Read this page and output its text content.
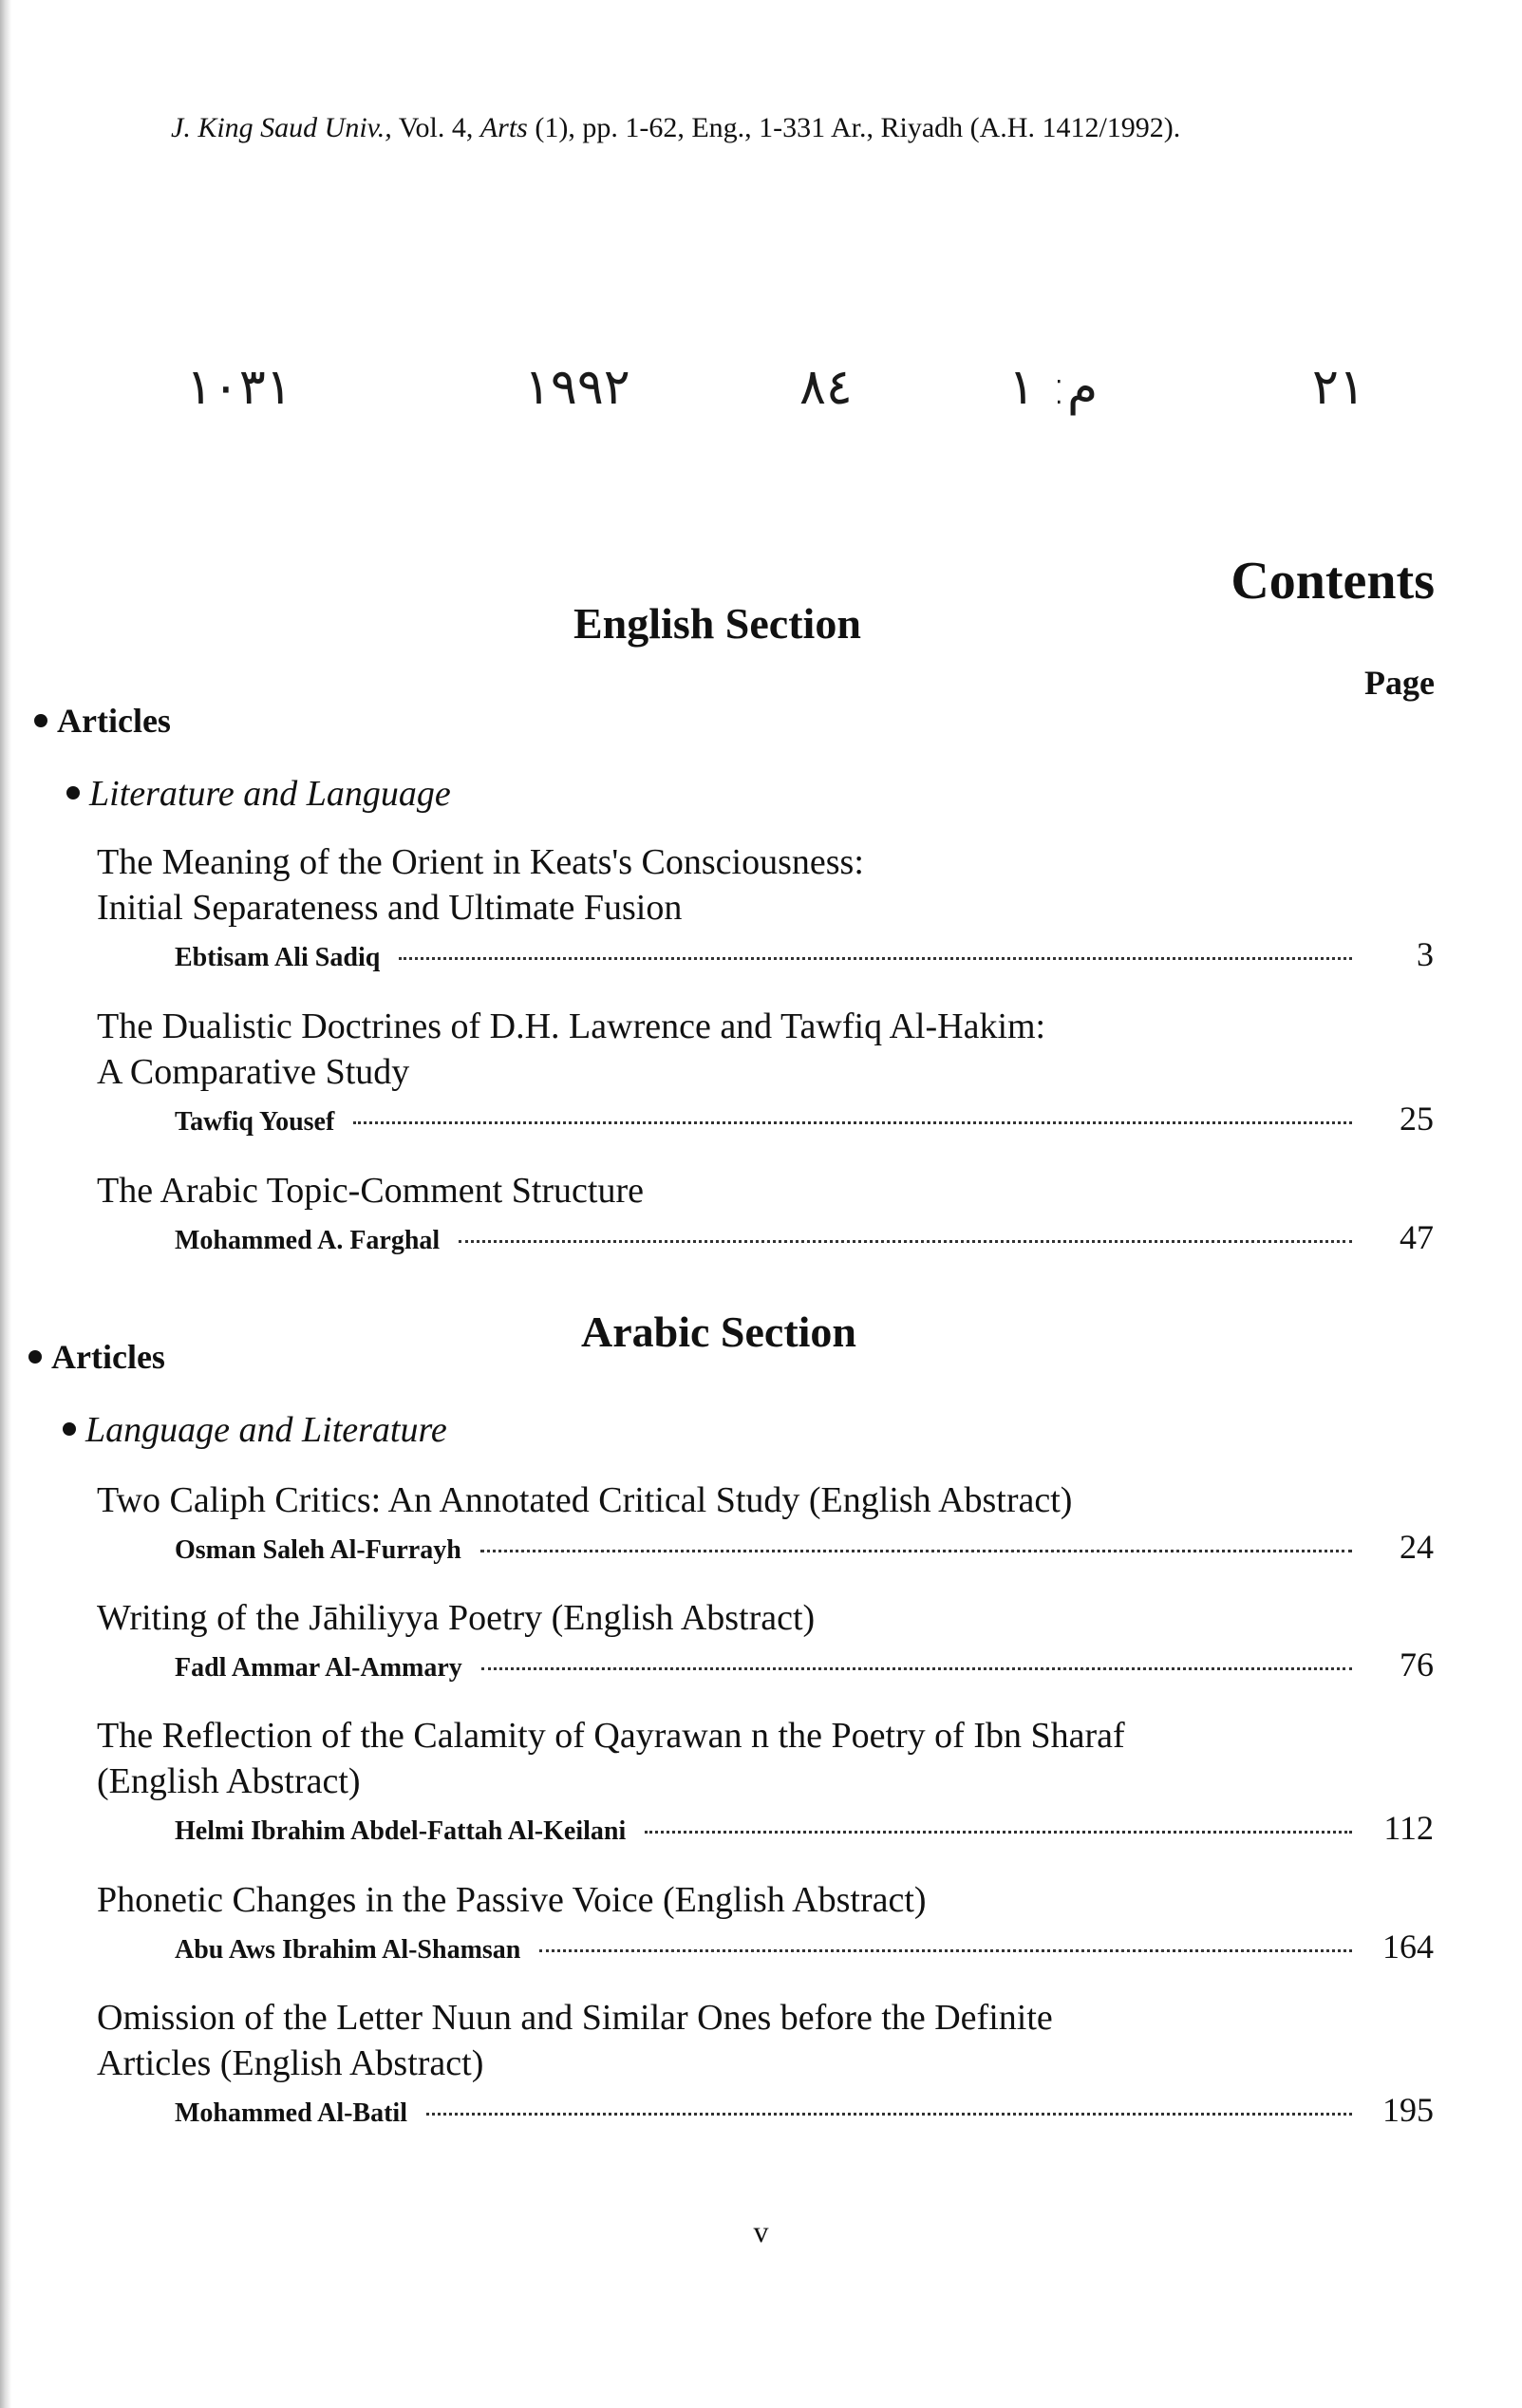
J. King Saud Univ., Vol. 4, Arts (1), pp. 1-62, Eng., 1-331 Ar., Riyadh (A.H. 1412/1992).
١٠٣١	١٩٩٢	٨٤	م: ١	٢١
Contents
Page
English Section
Articles
Literature and Language
The Meaning of the Orient in Keats's Consciousness:
Initial Separateness and Ultimate Fusion
Ebtisam Ali Sadiq	3
The Dualistic Doctrines of D.H. Lawrence and Tawfiq Al-Hakim:
A Comparative Study
Tawfiq Yousef	25
The Arabic Topic-Comment Structure
Mohammed A. Farghal	47
Arabic Section
Articles
Language and Literature
Two Caliph Critics: An Annotated Critical Study (English Abstract)
Osman Saleh Al-Furrayh	24
Writing of the Jāhiliyya Poetry (English Abstract)
Fadl Ammar Al-Ammary	76
The Reflection of the Calamity of Qayrawan n the Poetry of Ibn Sharaf
(English Abstract)
Helmi Ibrahim Abdel-Fattah Al-Keilani	112
Phonetic Changes in the Passive Voice (English Abstract)
Abu Aws Ibrahim Al-Shamsan	164
Omission of the Letter Nuun and Similar Ones before the Definite
Articles (English Abstract)
Mohammed Al-Batil	195
v
